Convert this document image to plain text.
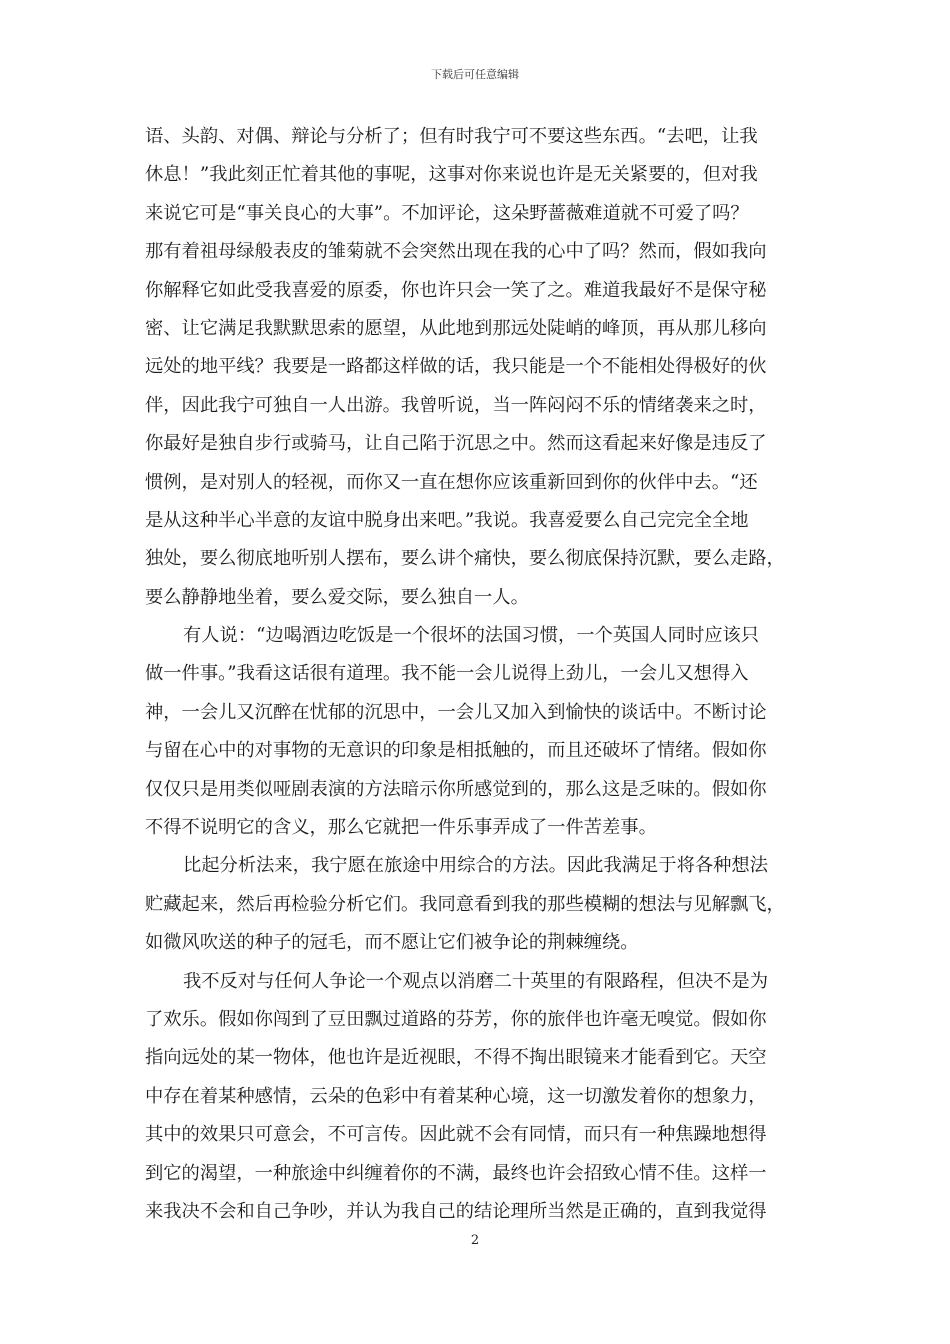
下载后可任意编辑
语、头韵、对偶、辩论与分析了；但有时我宁可不要这些东西。“去吧，让我
休息！”我此刻正忙着其他的事呢，这事对你来说也许是无关紧要的，但对我
来说它可是“事关良心的大事”。不加评论，这朵野蔷薇难道就不可爱了吗？
那有着祖母绿般表皮的雏菊就不会突然出现在我的心中了吗？然而，假如我向
你解释它如此受我喜爱的原委，你也许只会一笑了之。难道我最好不是保守秘
密、让它满足我默默思索的愿望，从此地到那远处陡峭的峰顶，再从那儿移向
远处的地平线？我要是一路都这样做的话，我只能是一个不能相处得极好的伙
伴，因此我宁可独自一人出游。我曾听说，当一阵闷闷不乐的情绪袭来之时，
你最好是独自步行或骑马，让自己陷于沉思之中。然而这看起来好像是违反了
惯例，是对别人的轻视，而你又一直在想你应该重新回到你的伙伴中去。“还
是从这种半心半意的友谊中脱身出来吧。”我说。我喜爱要么自己完完全全地
独处，要么彻底地听别人摆布，要么讲个痛快，要么彻底保持沉默，要么走路，
要么静静地坐着，要么爱交际，要么独自一人。
有人说：“边喝酒边吃饭是一个很坏的法国习惯，一个英国人同时应该只
做一件事。”我看这话很有道理。我不能一会儿说得上劲儿，一会儿又想得入
神，一会儿又沉醉在忧郁的沉思中，一会儿又加入到愉快的谈话中。不断讨论
与留在心中的对事物的无意识的印象是相抵触的，而且还破坏了情绪。假如你
仅仅只是用类似哑剧表演的方法暗示你所感觉到的，那么这是乏味的。假如你
不得不说明它的含义，那么它就把一件乐事弄成了一件苦差事。
比起分析法来，我宁愿在旅途中用综合的方法。因此我满足于将各种想法
贮藏起来，然后再检验分析它们。我同意看到我的那些模糊的想法与见解飘飞，
如微风吹送的种子的冠毛，而不愿让它们被争论的荆棘缠绕。
我不反对与任何人争论一个观点以消磨二十英里的有限路程，但决不是为
了欢乐。假如你闯到了豆田飘过道路的芬芳，你的旅伴也许毫无嗅觉。假如你
指向远处的某一物体，他也许是近视眼，不得不掏出眼镜来才能看到它。天空
中存在着某种感情，云朵的色彩中有着某种心境，这一切激发着你的想象力，
其中的效果只可意会，不可言传。因此就不会有同情，而只有一种焦躁地想得
到它的渴望，一种旅途中纠缠着你的不满，最终也许会招致心情不佳。这样一
来我决不会和自己争吵，并认为我自己的结论理所当然是正确的，直到我觉得
2
